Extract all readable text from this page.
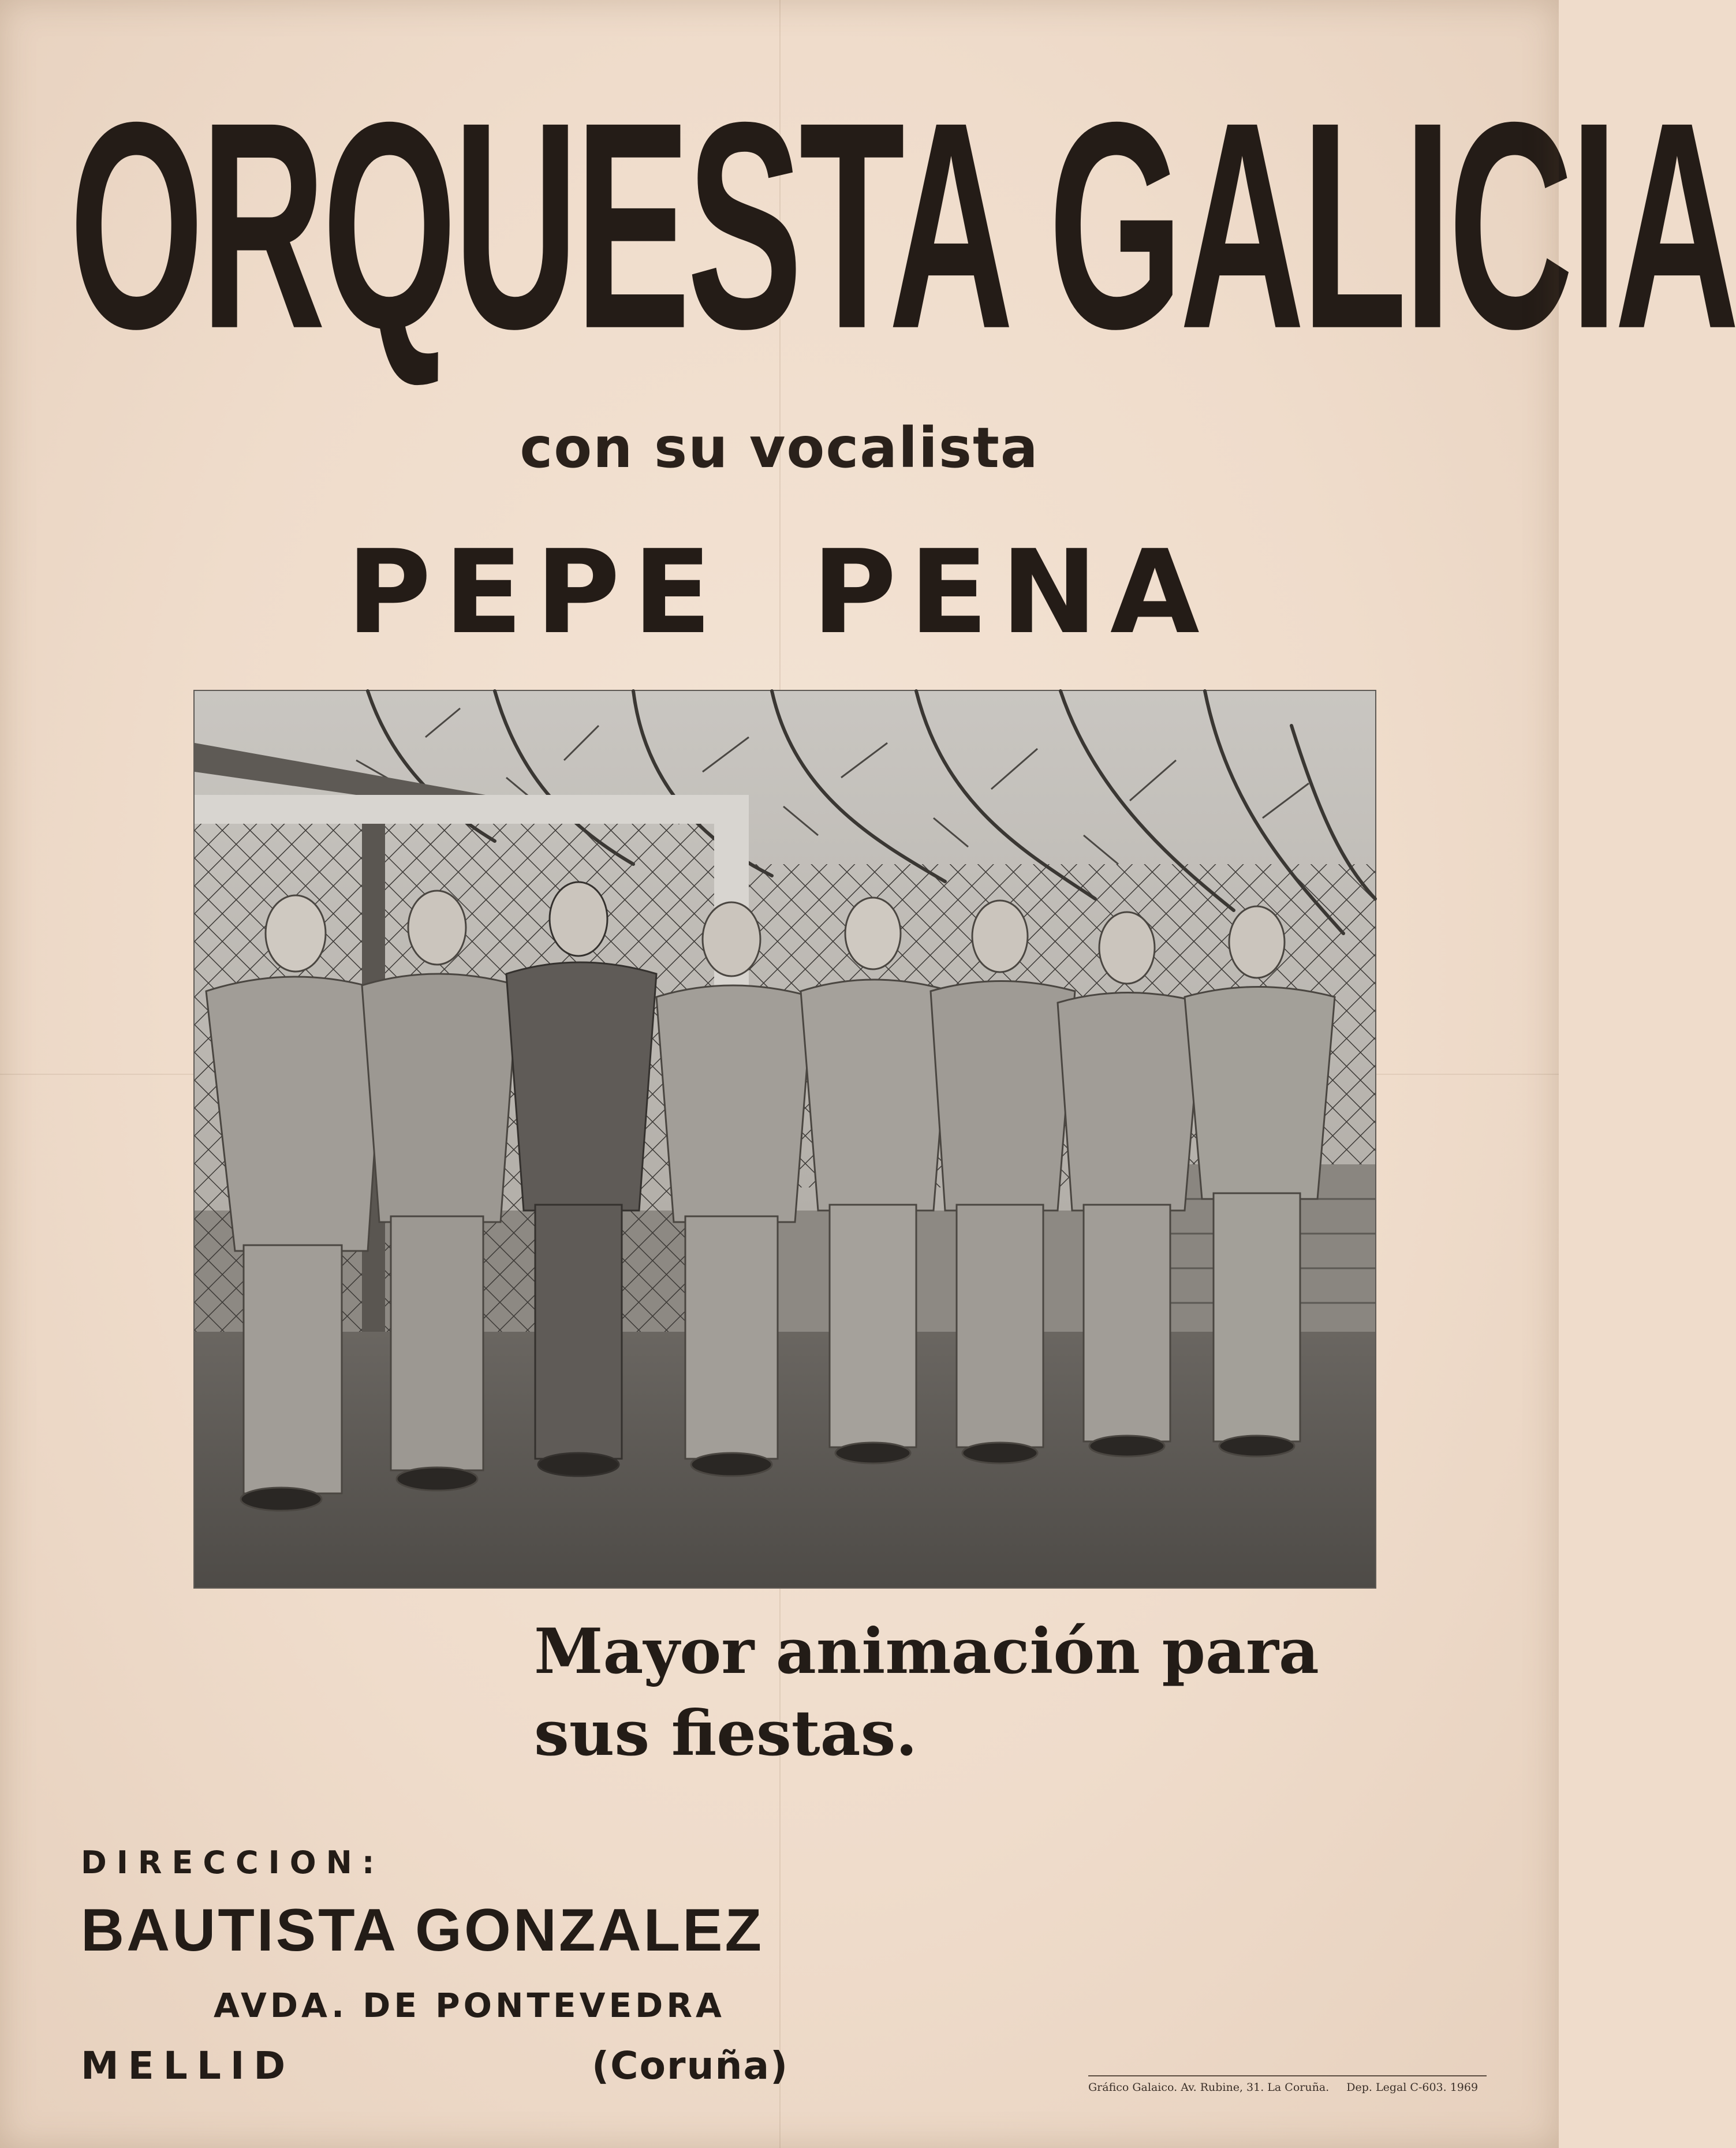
ORQUESTA GALICIA
con su vocalista
PEPE PENA
Mayor animación para
sus fiestas.
DIRECCION:
BAUTISTA GONZALEZ
AVDA. DE PONTEVEDRA
MELLID	(Coruña)	Gráfico Galaico. Av. Rubine, 31. La Coruña. Dep. Legal C-603. 1969
